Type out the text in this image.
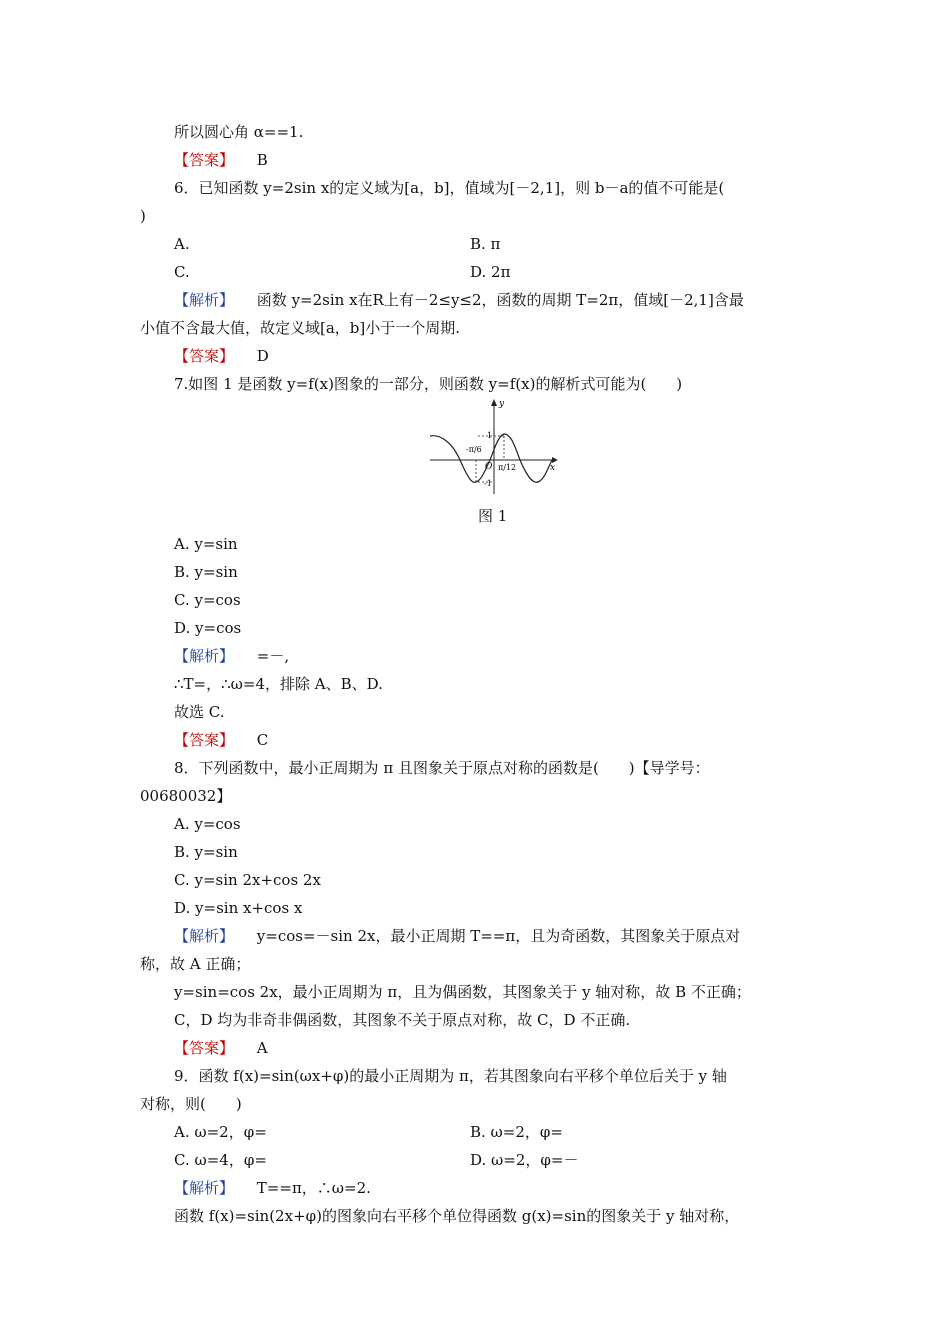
所以圆心角 α==1.
【答案】 B
6．已知函数 y=2sin x的定义域为[a，b]，值域为[－2,1]，则 b－a的值不可能是(
)
A.	B. π
C.	D. 2π
【解析】 函数 y=2sin x在R上有－2≤y≤2，函数的周期 T=2π，值域[－2,1]含最
小值不含最大值，故定义域[a，b]小于一个周期.
【答案】 D
7.如图 1 是函数 y=f(x)图象的一部分，则函数 y=f(x)的解析式可能为(　　)
y
x
O
1
-1
-π/6
π/12
图 1
A. y=sin
B. y=sin
C. y=cos
D. y=cos
【解析】 =－,
∴T=，∴ω=4，排除 A、B、D.
故选 C.
【答案】 C
8．下列函数中，最小正周期为 π 且图象关于原点对称的函数是(　　)【导学号：
00680032】
A. y=cos
B. y=sin
C. y=sin 2x+cos 2x
D. y=sin x+cos x
【解析】 y=cos=－sin 2x，最小正周期 T==π，且为奇函数，其图象关于原点对
称，故 A 正确；
y=sin=cos 2x，最小正周期为 π，且为偶函数，其图象关于 y 轴对称，故 B 不正确；
C，D 均为非奇非偶函数，其图象不关于原点对称，故 C，D 不正确.
【答案】 A
9．函数 f(x)=sin(ωx+φ)的最小正周期为 π，若其图象向右平移个单位后关于 y 轴
对称，则(　　)
A. ω=2，φ=	B. ω=2，φ=
C. ω=4，φ=	D. ω=2，φ=－
【解析】 T==π，∴ω=2.
函数 f(x)=sin(2x+φ)的图象向右平移个单位得函数 g(x)=sin的图象关于 y 轴对称，
